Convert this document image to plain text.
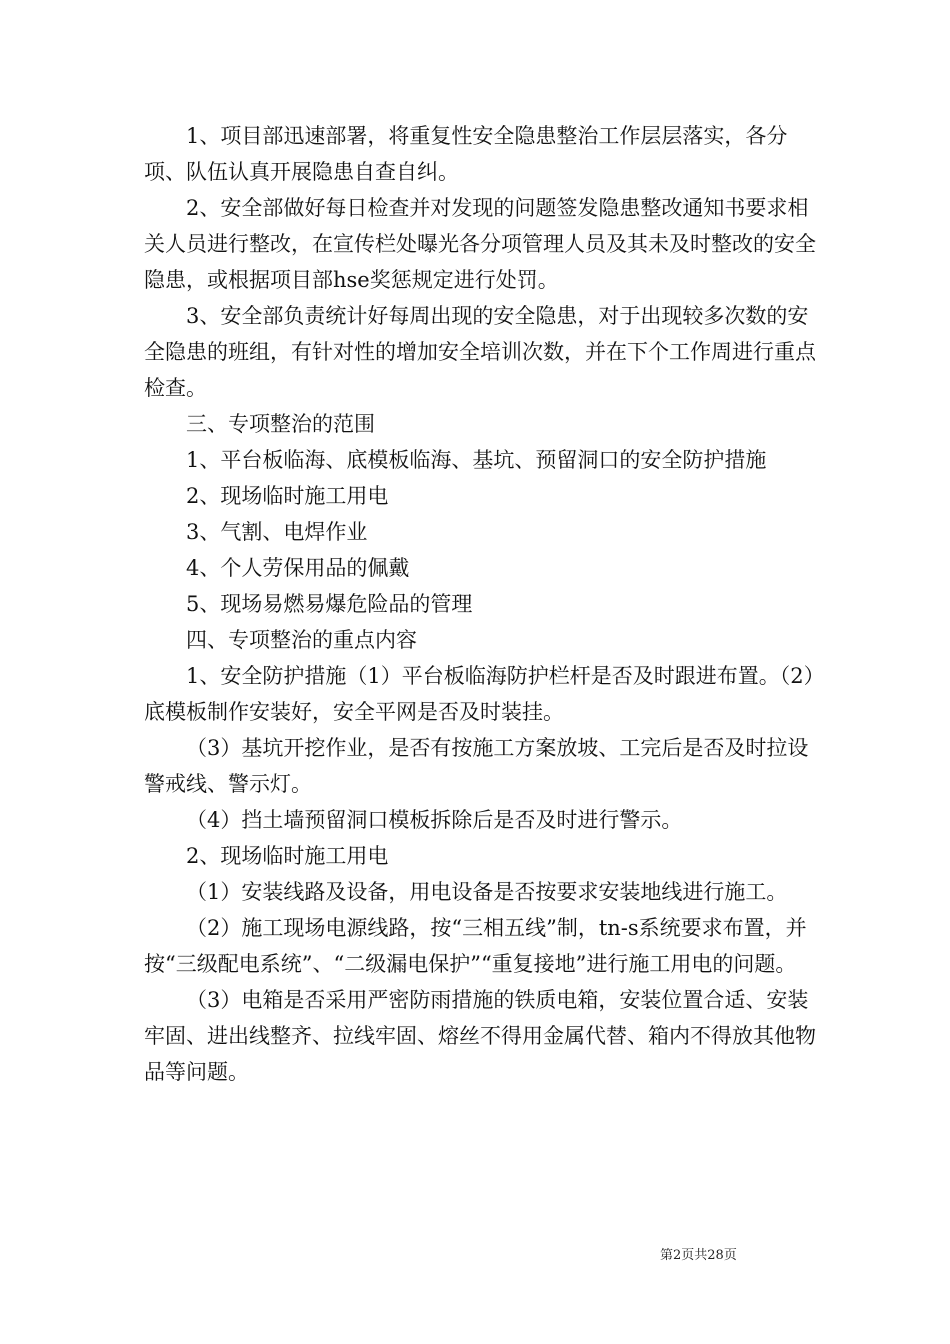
1、项目部迅速部署，将重复性安全隐患整治工作层层落实，各分项、队伍认真开展隐患自查自纠。

2、安全部做好每日检查并对发现的问题签发隐患整改通知书要求相关人员进行整改，在宣传栏处曝光各分项管理人员及其未及时整改的安全隐患，或根据项目部hse奖惩规定进行处罚。

3、安全部负责统计好每周出现的安全隐患，对于出现较多次数的安全隐患的班组，有针对性的增加安全培训次数，并在下个工作周进行重点检查。

三、专项整治的范围

1、平台板临海、底模板临海、基坑、预留洞口的安全防护措施

2、现场临时施工用电

3、气割、电焊作业

4、个人劳保用品的佩戴

5、现场易燃易爆危险品的管理

四、专项整治的重点内容

1、安全防护措施（1）平台板临海防护栏杆是否及时跟进布置。（2）底模板制作安装好，安全平网是否及时装挂。

（3）基坑开挖作业，是否有按施工方案放坡、工完后是否及时拉设警戒线、警示灯。

（4）挡土墙预留洞口模板拆除后是否及时进行警示。

2、现场临时施工用电

（1）安装线路及设备，用电设备是否按要求安装地线进行施工。

（2）施工现场电源线路，按“三相五线”制，tn-s系统要求布置，并按“三级配电系统”、“二级漏电保护”“重复接地”进行施工用电的问题。

（3）电箱是否采用严密防雨措施的铁质电箱，安装位置合适、安装牢固、进出线整齐、拉线牢固、熔丝不得用金属代替、箱内不得放其他物品等问题。

第2页共28页
